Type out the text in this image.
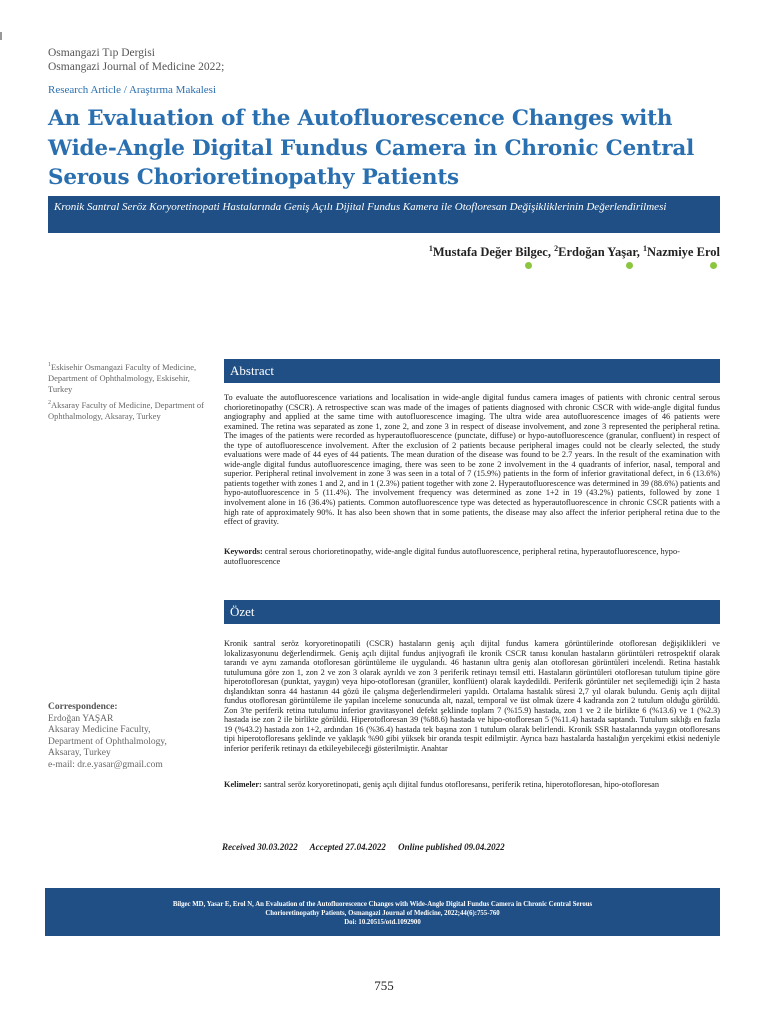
Osmangazi Tıp Dergisi
Osmangazi Journal of Medicine 2022;
Research Article / Araştırma Makalesi
An Evaluation of the Autofluorescence Changes with Wide-Angle Digital Fundus Camera in Chronic Central Serous Chorioretinopathy Patients
Kronik Santral Seröz Koryoretinopati Hastalarında Geniş Açılı Dijital Fundus Kamera ile Otofloresan Değişikliklerinin Değerlendirilmesi
$^1$Mustafa Değer Bilgec, $^2$Erdoğan Yaşar, $^1$Nazmiye Erol
$^1$Eskisehir Osmangazi Faculty of Medicine, Department of Ophthalmology, Eskisehir, Turkey
$^2$Aksaray Faculty of Medicine, Department of Ophthalmology, Aksaray, Turkey
Abstract
To evaluate the autofluorescence variations and localisation in wide-angle digital fundus camera images of patients with chronic central serous chorioretinopathy (CSCR). A retrospective scan was made of the images of patients diagnosed with chronic CSCR with wide-angle digital fundus angiography and applied at the same time with autofluorescence imaging. The ultra wide area autofluorescence images of 46 patients were examined. The retina was separated as zone 1, zone 2, and zone 3 in respect of disease involvement, and zone 3 represented the peripheral retina. The images of the patients were recorded as hyperautofluorescence (punctate, diffuse) or hypo-autofluorescence (granular, confluent) in respect of the type of autofluorescence involvement. After the exclusion of 2 patients because peripheral images could not be clearly selected, the study evaluations were made of 44 eyes of 44 patients. The mean duration of the disease was found to be 2.7 years. In the result of the examination with wide-angle digital fundus autofluorescence imaging, there was seen to be zone 2 involvement in the 4 quadrants of inferior, nasal, temporal and superior. Peripheral retinal involvement in zone 3 was seen in a total of 7 (15.9%) patients in the form of inferior gravitational defect, in 6 (13.6%) patients together with zones 1 and 2, and in 1 (2.3%) patient together with zone 2. Hyperautofluorescence was determined in 39 (88.6%) patients and hypo-autofluorescence in 5 (11.4%). The involvement frequency was determined as zone 1+2 in 19 (43.2%) patients, followed by zone 1 involvement alone in 16 (36.4%) patients. Common autofluorescence type was detected as hyperautofluorescence in chronic CSCR patients with a high rate of approximately 90%. It has also been shown that in some patients, the disease may also affect the inferior peripheral retina due to the effect of gravity.
Keywords: central serous chorioretinopathy, wide-angle digital fundus autofluorescence, peripheral retina, hyperautofluorescence, hypo-autofluorescence
Özet
Kronik santral seröz koryoretinopatili (CSCR) hastaların geniş açılı dijital fundus kamera görüntülerinde otofloresan değişiklikleri ve lokalizasyonunu değerlendirmek. Geniş açılı dijital fundus anjiyografi ile kronik CSCR tanısı konulan hastaların görüntüleri retrospektif olarak tarandı ve aynı zamanda otofloresan görüntüleme ile uygulandı. 46 hastanın ultra geniş alan otofloresan görüntüleri incelendi. Retina hastalık tutulumuna göre zon 1, zon 2 ve zon 3 olarak ayrıldı ve zon 3 periferik retinayı temsil etti. Hastaların görüntüleri otofloresan tutulum tipine göre hiperotofloresan (punktat, yaygın) veya hipo-otofloresan (granüler, konflüent) olarak kaydedildi. Periferik görüntüler net seçilemediği için 2 hasta dışlandıktan sonra 44 hastanın 44 gözü ile çalışma değerlendirmeleri yapıldı. Ortalama hastalık süresi 2,7 yıl olarak bulundu. Geniş açılı dijital fundus otofloresan görüntüleme ile yapılan inceleme sonucunda alt, nazal, temporal ve üst olmak üzere 4 kadranda zon 2 tutulum olduğu görüldü. Zon 3'te periferik retina tutulumu inferior gravitasyonel defekt şeklinde toplam 7 (%15.9) hastada, zon 1 ve 2 ile birlikte 6 (%13.6) ve 1 (%2.3) hastada ise zon 2 ile birlikte görüldü. Hiperotofloresan 39 (%88.6) hastada ve hipo-otofloresan 5 (%11.4) hastada saptandı. Tutulum sıklığı en fazla 19 (%43.2) hastada zon 1+2, ardından 16 (%36.4) hastada tek başına zon 1 tutulum olarak belirlendi. Kronik SSR hastalarında yaygın otofloresans tipi hiperotofloresans şeklinde ve yaklaşık %90 gibi yüksek bir oranda tespit edilmiştir. Ayrıca bazı hastalarda hastalığın yerçekimi etkisi nedeniyle inferior periferik retinayı da etkileyebileceği gösterilmiştir. Anahtar
Kelimeler: santral seröz koryoretinopati, geniş açılı dijital fundus otofloresansı, periferik retina, hiperotofloresan, hipo-otofloresan
Correspondence:
Erdoğan YAŞAR
Aksaray Medicine Faculty,
Department of Ophthalmology,
Aksaray, Turkey
e-mail: dr.e.yasar@gmail.com
Received 30.03.2022 Accepted 27.04.2022 Online published 09.04.2022
Bilgec MD, Yasar E, Erol N, An Evaluation of the Autofluorescence Changes with Wide-Angle Digital Fundus Camera in Chronic Central Serous
Chorioretinopathy Patients, Osmangazi Journal of Medicine, 2022;44(6):755-760
Doi: 10.20515/otd.1092900
755
